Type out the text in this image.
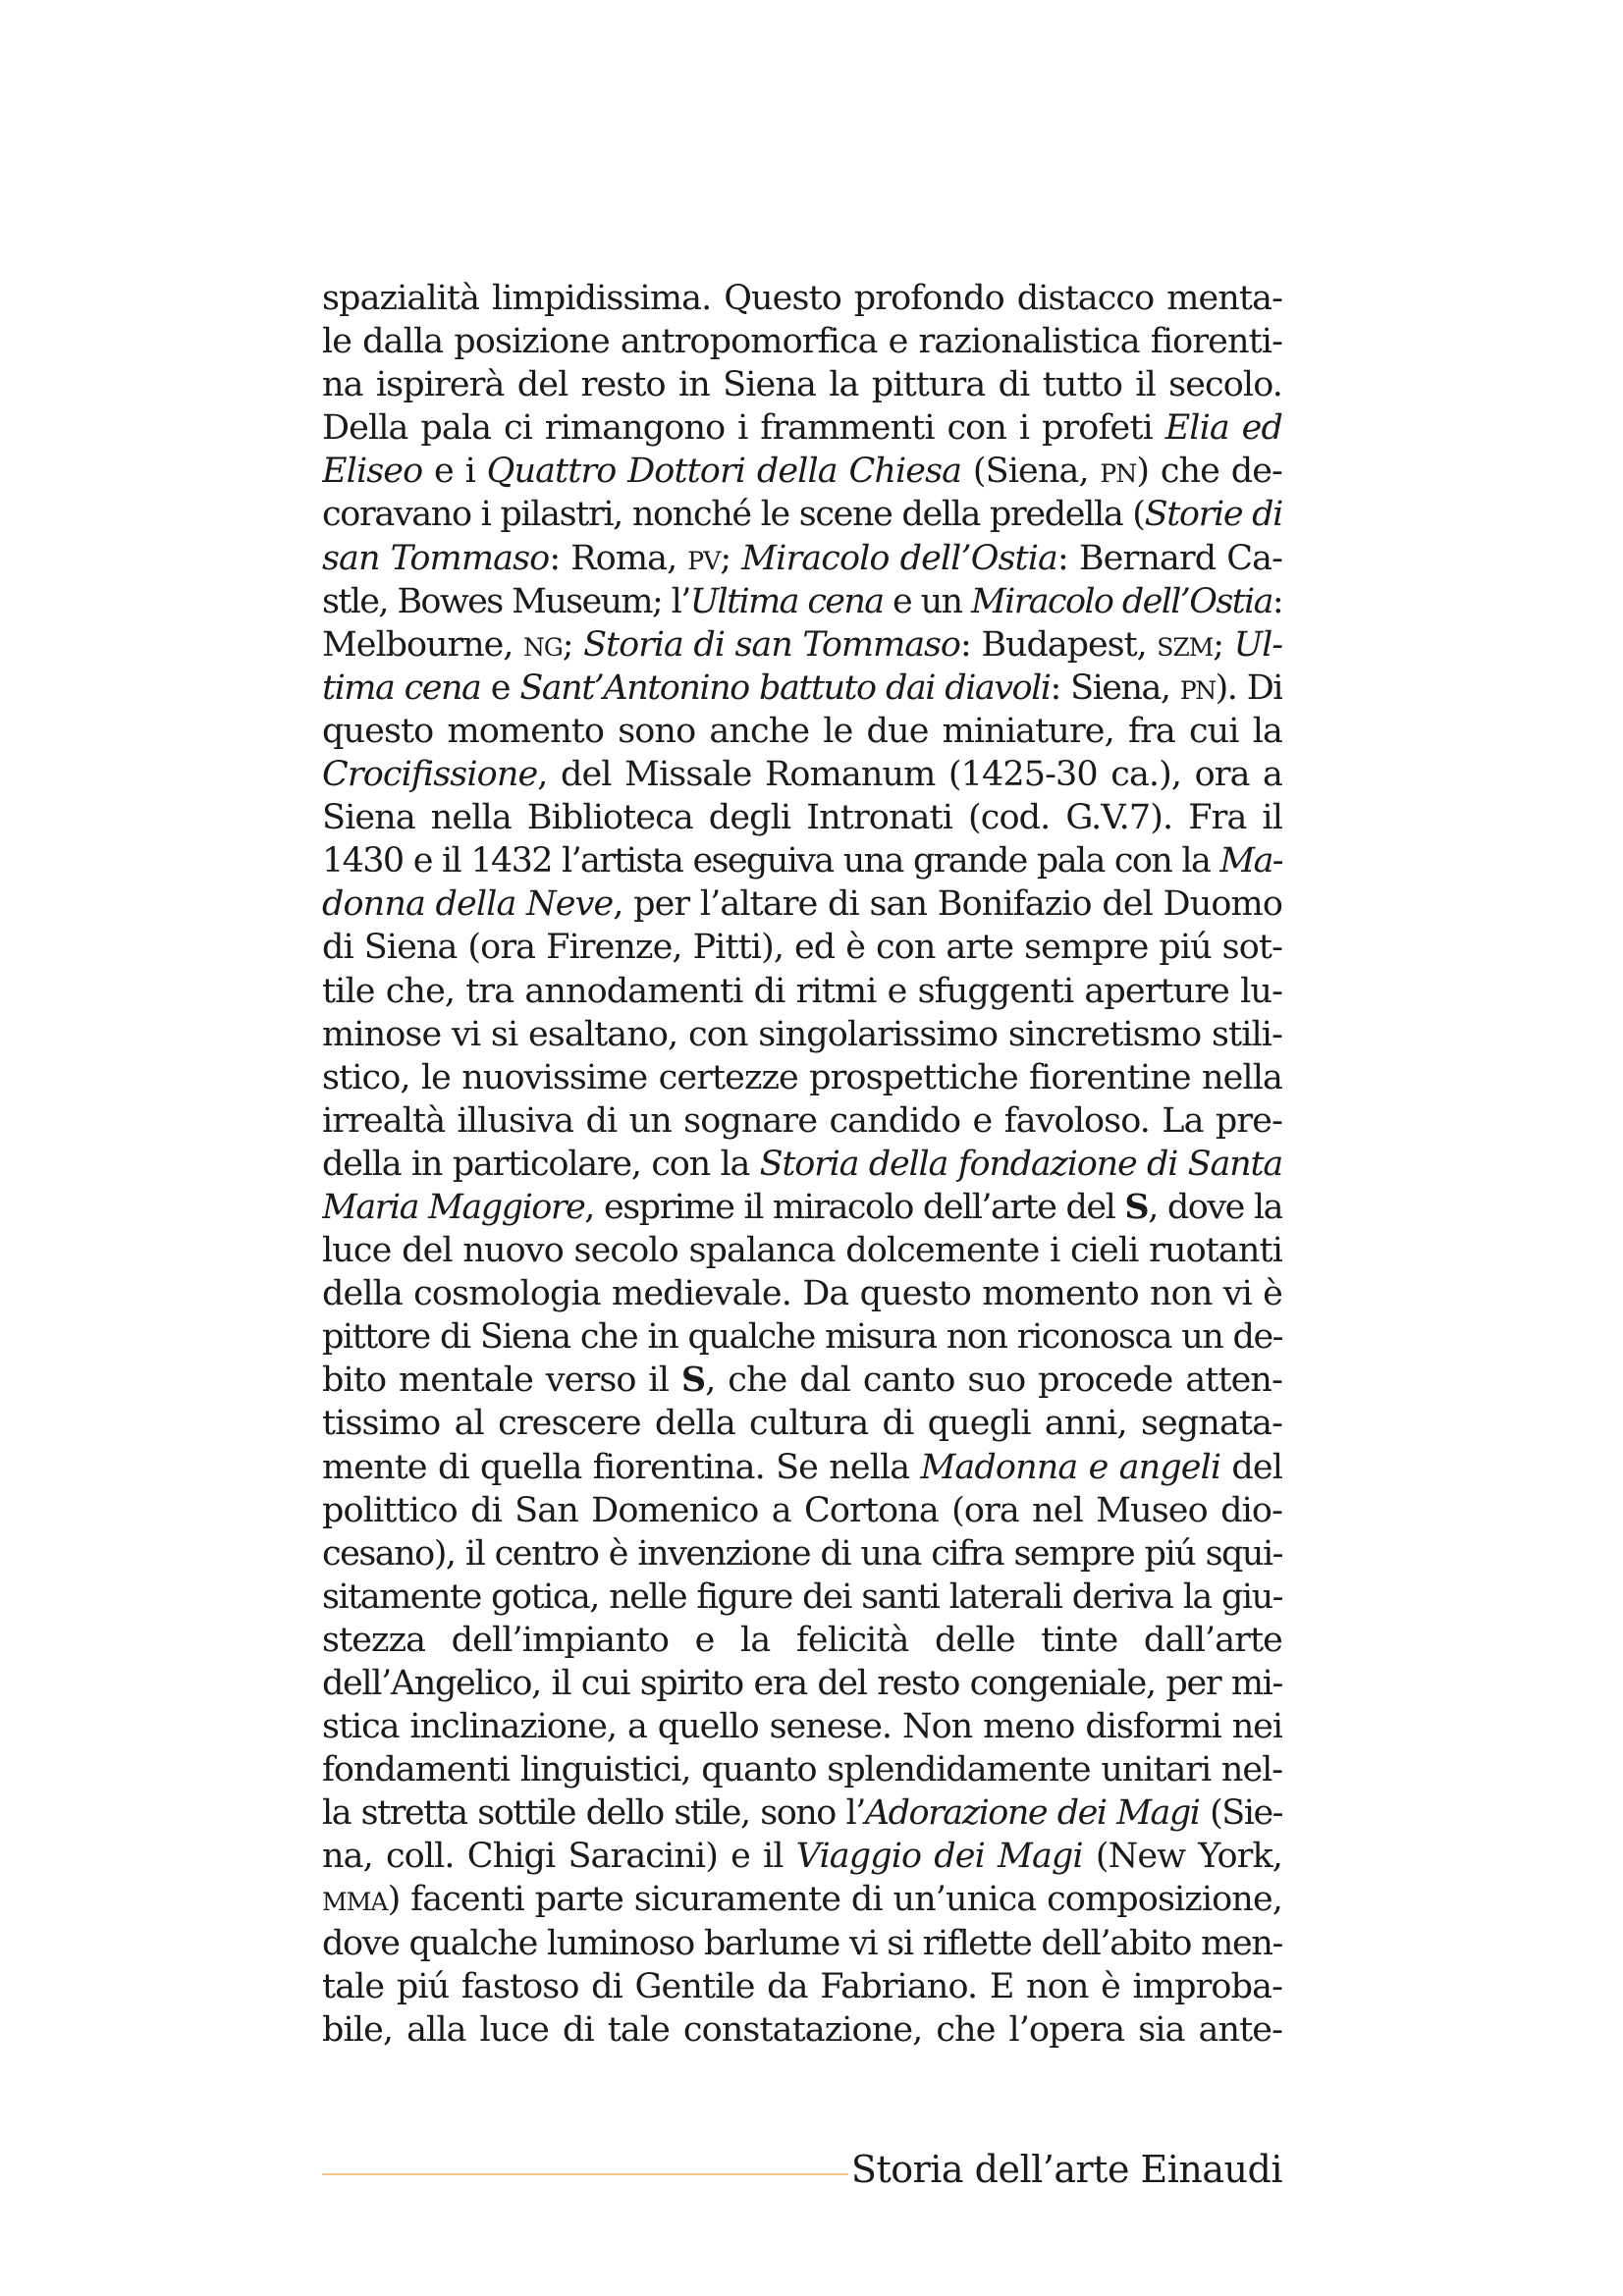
spazialità limpidissima. Questo profondo distacco menta-
le dalla posizione antropomorfica e razionalistica fiorenti-
na ispirerà del resto in Siena la pittura di tutto il secolo.
Della pala ci rimangono i frammenti con i profeti Elia ed
Eliseo e i Quattro Dottori della Chiesa (Siena, pn) che de-
coravano i pilastri, nonché le scene della predella (Storie di
san Tommaso: Roma, pv; Miracolo dell’Ostia: Bernard Ca-
stle, Bowes Museum; l’Ultima cena e un Miracolo dell’Ostia:
Melbourne, ng; Storia di san Tommaso: Budapest, szm; Ul-
tima cena e Sant’Antonino battuto dai diavoli: Siena, pn). Di
questo momento sono anche le due miniature, fra cui la
Crocifissione, del Missale Romanum (1425-30 ca.), ora a
Siena nella Biblioteca degli Intronati (cod. G.V.7). Fra il
1430 e il 1432 l’artista eseguiva una grande pala con la Ma-
donna della Neve, per l’altare di san Bonifazio del Duomo
di Siena (ora Firenze, Pitti), ed è con arte sempre piú sot-
tile che, tra annodamenti di ritmi e sfuggenti aperture lu-
minose vi si esaltano, con singolarissimo sincretismo stili-
stico, le nuovissime certezze prospettiche fiorentine nella
irrealtà illusiva di un sognare candido e favoloso. La pre-
della in particolare, con la Storia della fondazione di Santa
Maria Maggiore, esprime il miracolo dell’arte del S, dove la
luce del nuovo secolo spalanca dolcemente i cieli ruotanti
della cosmologia medievale. Da questo momento non vi è
pittore di Siena che in qualche misura non riconosca un de-
bito mentale verso il S, che dal canto suo procede atten-
tissimo al crescere della cultura di quegli anni, segnata-
mente di quella fiorentina. Se nella Madonna e angeli del
polittico di San Domenico a Cortona (ora nel Museo dio-
cesano), il centro è invenzione di una cifra sempre piú squi-
sitamente gotica, nelle figure dei santi laterali deriva la giu-
stezza dell’impianto e la felicità delle tinte dall’arte
dell’Angelico, il cui spirito era del resto congeniale, per mi-
stica inclinazione, a quello senese. Non meno disformi nei
fondamenti linguistici, quanto splendidamente unitari nel-
la stretta sottile dello stile, sono l’Adorazione dei Magi (Sie-
na, coll. Chigi Saracini) e il Viaggio dei Magi (New York,
mma) facenti parte sicuramente di un’unica composizione,
dove qualche luminoso barlume vi si riflette dell’abito men-
tale piú fastoso di Gentile da Fabriano. E non è improba-
bile, alla luce di tale constatazione, che l’opera sia ante-
Storia dell’arte Einaudi
